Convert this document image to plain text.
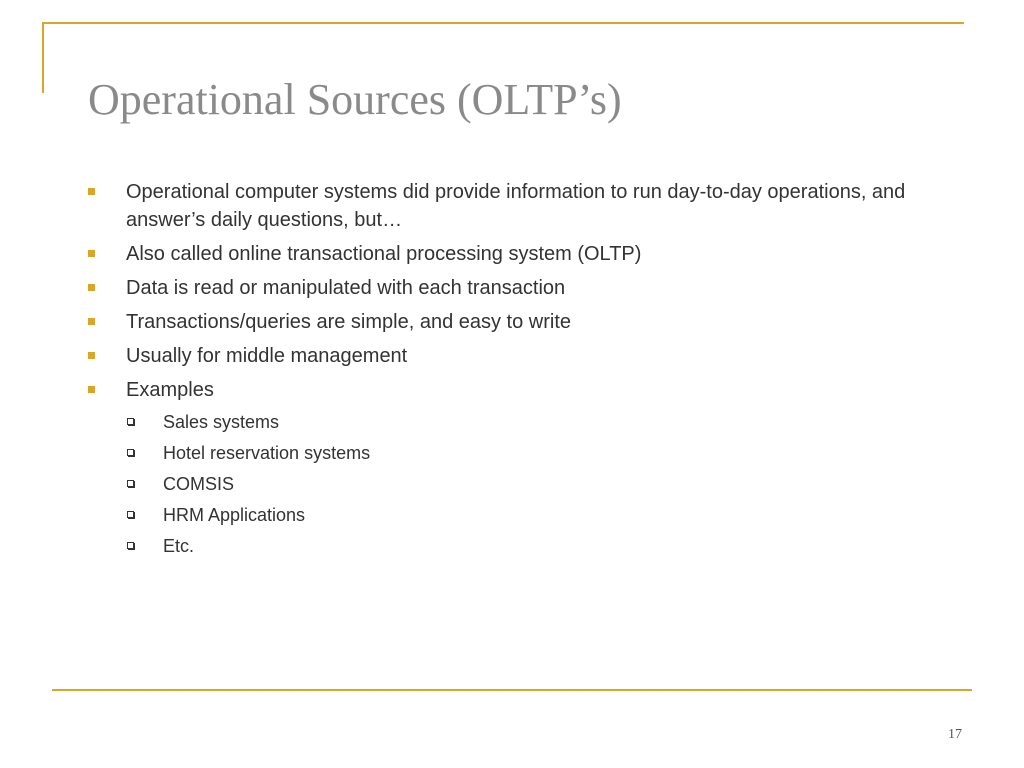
Operational Sources (OLTP’s)
Operational computer systems did provide information to run day-to-day operations, and answer’s daily questions, but…
Also called online transactional processing system (OLTP)
Data is read or manipulated with each transaction
Transactions/queries are simple, and easy to write
Usually for middle management
Examples
Sales systems
Hotel reservation systems
COMSIS
HRM Applications
Etc.
17
